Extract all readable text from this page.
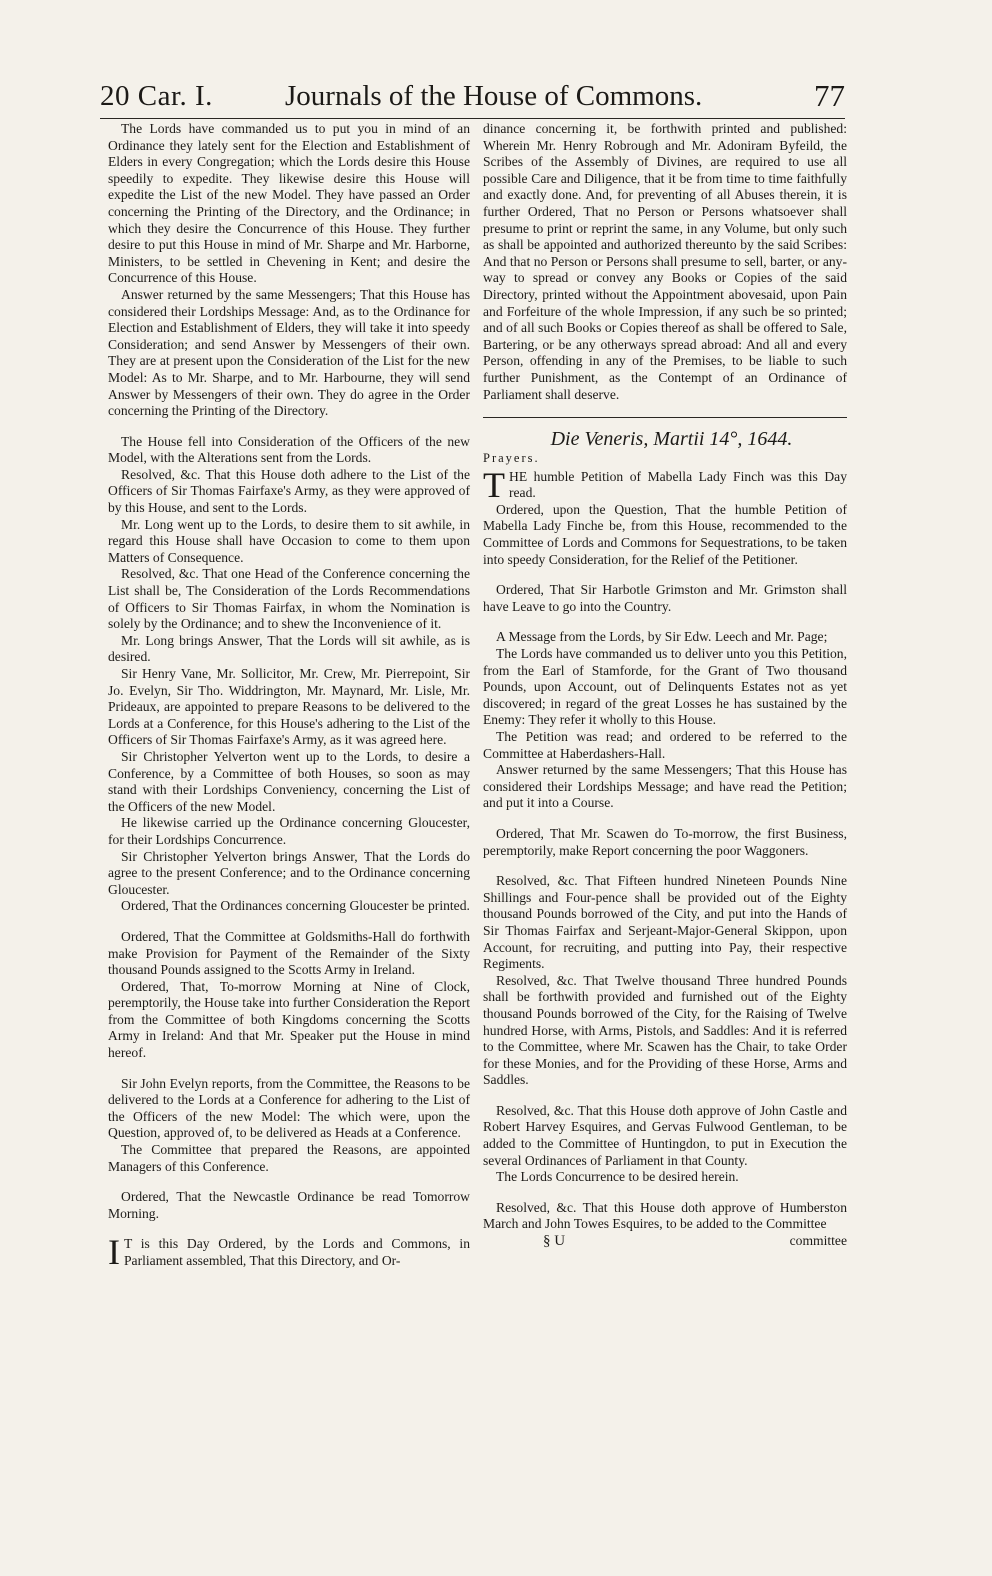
20 Car. I. Journals of the House of Commons.	77

The Lords have commanded us to put you in mind of an Ordinance they lately sent for the Election and Establishment of Elders in every Congregation; which the Lords desire this House speedily to expedite. They likewise desire this House will expedite the List of the new Model. They have passed an Order concerning the Printing of the Directory, and the Ordinance; in which they desire the Concurrence of this House. They further desire to put this House in mind of Mr. Sharpe and Mr. Harborne, Ministers, to be settled in Chevening in Kent; and desire the Concurrence of this House.

Answer returned by the same Messengers; That this House has considered their Lordships Message: And, as to the Ordinance for Election and Establishment of Elders, they will take it into speedy Consideration; and send Answer by Messengers of their own. They are at present upon the Consideration of the List for the new Model: As to Mr. Sharpe, and to Mr. Harbourne, they will send Answer by Messengers of their own. They do agree in the Order concerning the Printing of the Directory.

The House fell into Consideration of the Officers of the new Model, with the Alterations sent from the Lords.

Resolved, &c. That this House doth adhere to the List of the Officers of Sir Thomas Fairfaxe's Army, as they were approved of by this House, and sent to the Lords.

Mr. Long went up to the Lords, to desire them to sit awhile, in regard this House shall have Occasion to come to them upon Matters of Consequence.

Resolved, &c. That one Head of the Conference concerning the List shall be, The Consideration of the Lords Recommendations of Officers to Sir Thomas Fairfax, in whom the Nomination is solely by the Ordinance; and to shew the Inconvenience of it.

Mr. Long brings Answer, That the Lords will sit awhile, as is desired.

Sir Henry Vane, Mr. Sollicitor, Mr. Crew, Mr. Pierrepoint, Sir Jo. Evelyn, Sir Tho. Widdrington, Mr. Maynard, Mr. Lisle, Mr. Prideaux, are appointed to prepare Reasons to be delivered to the Lords at a Conference, for this House's adhering to the List of the Officers of Sir Thomas Fairfaxe's Army, as it was agreed here.

Sir Christopher Yelverton went up to the Lords, to desire a Conference, by a Committee of both Houses, so soon as may stand with their Lordships Conveniency, concerning the List of the Officers of the new Model.

He likewise carried up the Ordinance concerning Gloucester, for their Lordships Concurrence.

Sir Christopher Yelverton brings Answer, That the Lords do agree to the present Conference; and to the Ordinance concerning Gloucester.

Ordered, That the Ordinances concerning Gloucester be printed.

Ordered, That the Committee at Goldsmiths-Hall do forthwith make Provision for Payment of the Remainder of the Sixty thousand Pounds assigned to the Scotts Army in Ireland.

Ordered, That, To-morrow Morning at Nine of Clock, peremptorily, the House take into further Consideration the Report from the Committee of both Kingdoms concerning the Scotts Army in Ireland: And that Mr. Speaker put the House in mind hereof.

Sir John Evelyn reports, from the Committee, the Reasons to be delivered to the Lords at a Conference for adhering to the List of the Officers of the new Model: The which were, upon the Question, approved of, to be delivered as Heads at a Conference.

The Committee that prepared the Reasons, are appointed Managers of this Conference.

Ordered, That the Newcastle Ordinance be read Tomorrow Morning.

I T is this Day Ordered, by the Lords and Commons, in Parliament assembled, That this Directory, and Or-

dinance concerning it, be forthwith printed and published: Wherein Mr. Henry Robrough and Mr. Adoniram Byfeild, the Scribes of the Assembly of Divines, are required to use all possible Care and Diligence, that it be from time to time faithfully and exactly done. And, for preventing of all Abuses therein, it is further Ordered, That no Person or Persons whatsoever shall presume to print or reprint the same, in any Volume, but only such as shall be appointed and authorized thereunto by the said Scribes: And that no Person or Persons shall presume to sell, barter, or any-way to spread or convey any Books or Copies of the said Directory, printed without the Appointment abovesaid, upon Pain and Forfeiture of the whole Impression, if any such be so printed; and of all such Books or Copies thereof as shall be offered to Sale, Bartering, or be any otherways spread abroad: And all and every Person, offending in any of the Premises, to be liable to such further Punishment, as the Contempt of an Ordinance of Parliament shall deserve.

Die Veneris, Martii 14°, 1644.

Prayers.

THE humble Petition of Mabella Lady Finch was this Day read.

Ordered, upon the Question, That the humble Petition of Mabella Lady Finche be, from this House, recommended to the Committee of Lords and Commons for Sequestrations, to be taken into speedy Consideration, for the Relief of the Petitioner.

Ordered, That Sir Harbotle Grimston and Mr. Grimston shall have Leave to go into the Country.

A Message from the Lords, by Sir Edw. Leech and Mr. Page;

The Lords have commanded us to deliver unto you this Petition, from the Earl of Stamforde, for the Grant of Two thousand Pounds, upon Account, out of Delinquents Estates not as yet discovered; in regard of the great Losses he has sustained by the Enemy: They refer it wholly to this House.

The Petition was read; and ordered to be referred to the Committee at Haberdashers-Hall.

Answer returned by the same Messengers; That this House has considered their Lordships Message; and have read the Petition; and put it into a Course.

Ordered, That Mr. Scawen do To-morrow, the first Business, peremptorily, make Report concerning the poor Waggoners.

Resolved, &c. That Fifteen hundred Nineteen Pounds Nine Shillings and Four-pence shall be provided out of the Eighty thousand Pounds borrowed of the City, and put into the Hands of Sir Thomas Fairfax and Serjeant-Major-General Skippon, upon Account, for recruiting, and putting into Pay, their respective Regiments.

Resolved, &c. That Twelve thousand Three hundred Pounds shall be forthwith provided and furnished out of the Eighty thousand Pounds borrowed of the City, for the Raising of Twelve hundred Horse, with Arms, Pistols, and Saddles: And it is referred to the Committee, where Mr. Scawen has the Chair, to take Order for these Monies, and for the Providing of these Horse, Arms and Saddles.

Resolved, &c. That this House doth approve of John Castle and Robert Harvey Esquires, and Gervas Fulwood Gentleman, to be added to the Committee of Huntingdon, to put in Execution the several Ordinances of Parliament in that County.

The Lords Concurrence to be desired herein.

Resolved, &c. That this House doth approve of Humberston March and John Towes Esquires, to be added to the Committee

§ U	committee
